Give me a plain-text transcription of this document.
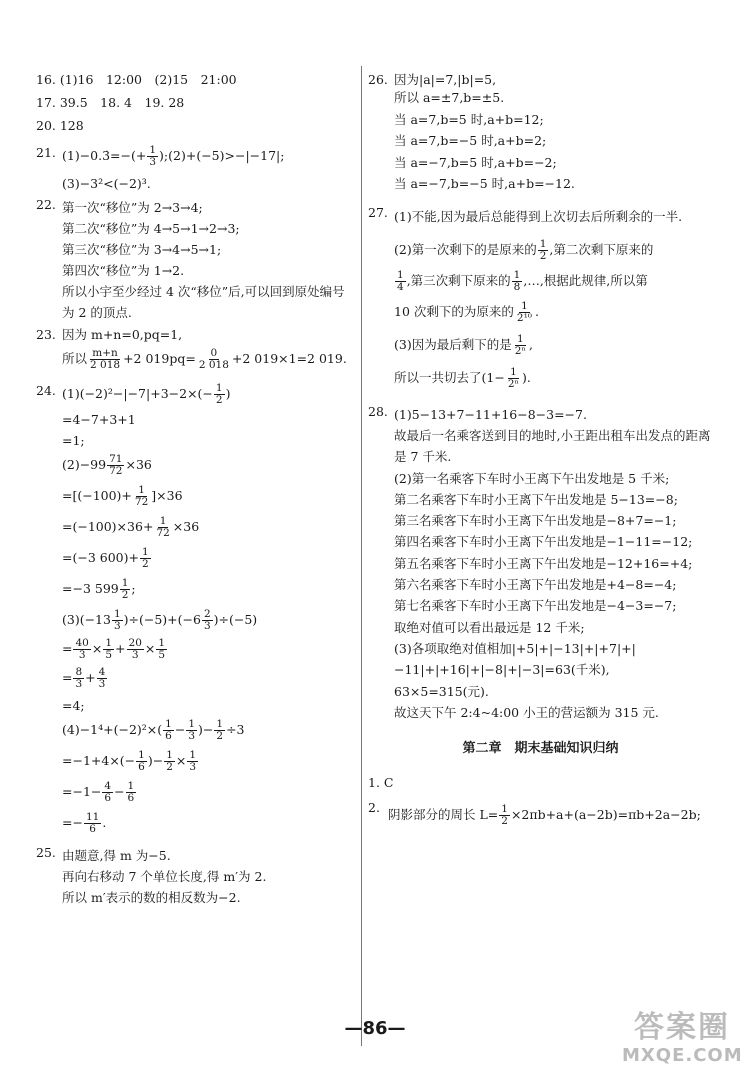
16. (1)16　12:00　(2)15　21:00

17. 39.5　18. 4　19. 28

20. 128

21. (1)−0.3̇=−(+ $\frac{1}{3}$ );(2)+(−5)>−|−17|;

(3)−3²<(−2)³.

22. 第一次“移位”为 2→3→4;

第二次“移位”为 4→5→1→2→3;

第三次“移位”为 3→4→5→1;

第四次“移位”为 1→2.

所以小宇至少经过 4 次“移位”后,可以回到原处编号为 2 的顶点.

23. 因为 m+n=0,pq=1,

所以 $\frac{m+n}{2 018} +2$ $019pq= \frac{0}{2 018} +2$ 019×1=2 019.

24. $(1)(-2)^2-|-7|+3-2\times(- \frac{1}{2}$ )

=4−7+3+1

=1;

$(2)-99 \frac{71}{72} \times 36$

$=[(-100)+ \frac{1}{72} ]\times 36$

$=(-100)\times 36+ \frac{1}{72} \times 36$

=(−3 $600)+ \frac{1}{2}$

=−3 $599 \frac{1}{2}$ ;

$(3)(-13 \frac{1}{3} )\div(-5)+(-6 \frac{2}{3} )\div(-5)$

= $\frac{40}{3} \times \frac{1}{5} + \frac{20}{3} \times \frac{1}{5}$

= $\frac{8}{3} + \frac{4}{3}$

=4;

$(4)-1^4+(-2)^2\times( \frac{1}{6} - \frac{1}{3}$ )− $\frac{1}{2} \div 3$

$=-1+4\times(- \frac{1}{6}$ )− $\frac{1}{2} \times \frac{1}{3}$

$=-1- \frac{4}{6} - \frac{1}{6}$

=− $\frac{11}{6}$ .

25. 由题意,得 m 为−5.

再向右移动 7 个单位长度,得 m′为 2.

所以 m′表示的数的相反数为−2.

26. 因为|a|=7,|b|=5,

所以 a=±7,b=±5.

当 a=7,b=5 时,a+b=12;

当 a=7,b=−5 时,a+b=2;

当 a=−7,b=5 时,a+b=−2;

当 a=−7,b=−5 时,a+b=−12.

27. (1)不能,因为最后总能得到上次切去后所剩余的一半.

(2)第一次剩下的是原来的 $\frac{1}{2}$ ,第二次剩下原来的

$\frac{1}{4}$ ,第三次剩下原来的 $\frac{1}{8}$ ,…,根据此规律,所以第

10 次剩下的为原来的 $\frac{1}{\text{2¹⁰}}$ .

(3)因为最后剩下的是 $\frac{1}{\text{2ⁿ}}$ ,

所以一共切去了($1- \frac{1}{\text{2ⁿ}}$ ).

28. (1)5−13+7−11+16−8−3=−7.

故最后一名乘客送到目的地时,小王距出租车出发点的距离是 7 千米.

(2)第一名乘客下车时小王离下午出发地是 5 千米;

第二名乘客下车时小王离下午出发地是 5−13=−8;

第三名乘客下车时小王离下午出发地是−8+7=−1;

第四名乘客下车时小王离下午出发地是−1−11=−12;

第五名乘客下车时小王离下午出发地是−12+16=+4;

第六名乘客下车时小王离下午出发地是+4−8=−4;

第七名乘客下车时小王离下午出发地是−4−3=−7;

取绝对值可以看出最远是 12 千米;

(3)各项取绝对值相加|+5|+|−13|+|+7|+|−11|+|+16|+|−8|+|−3|=63(千米),

63×5=315(元).

故这天下午 2:4~4:00 小王的营运额为 315 元.

第二章　期末基础知识归纳

1. C

2. 阴影部分的周长 $L= \frac{1}{2} \times 2\pi b+a+(a-2b)=\pi b+2a-2b$;

—86—	答案圈
MXQE.COM
